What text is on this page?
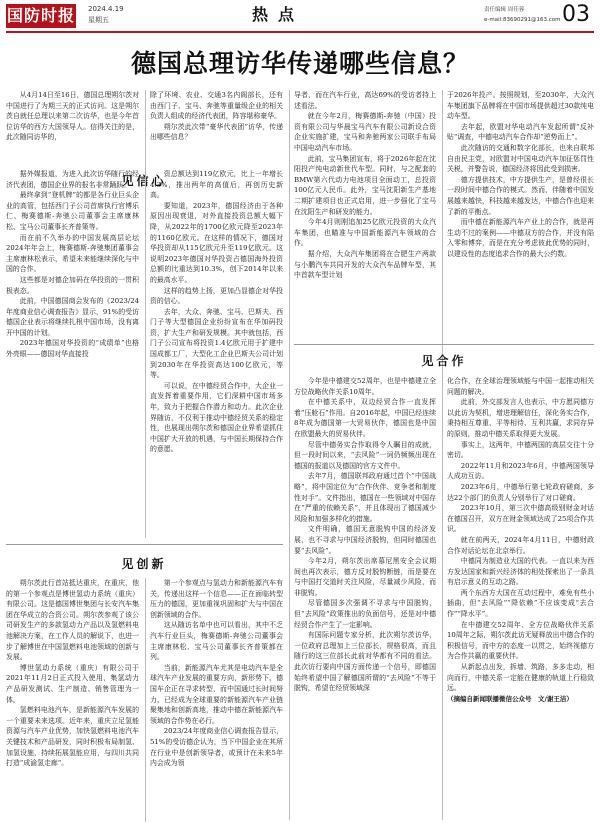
国防时报 2024.4.19
星期五	热点	责任编辑 周佳蓉
e-mail:83690291@163.com 03
德国总理访华传递哪些信息？

从4月14日至16日，德国总理朔尔茨对中国进行了为期三天的正式访问。这是朔尔茨自就任总理以来第二次访华，也是今年首位访华的西方大国领导人。信得关注的是，此次随同访华的，

据外媒报道，为进入此次访华随行的经济代表团，德国企业界的报名非常踊跃。

最终拿到“登机牌”的都是各行业巨头企业的高管，包括西门子公司首席执行官博乐仁、梅赛德斯-奔驰公司董事会主席康林松、宝马公司董事长齐普策等。

而在前不久举办的中国发展高层论坛2024年年会上，梅赛德斯-奔驰集团董事会主席康林松表示，希望未来能继续深化与中国的合作。

这些都是对德企加码在华投资的一贯积极表态。

此前，中国德国商会发布的《2023/24年度商业信心调查报告》显示，91%的受访德国企业表示将继续扎根中国市场，没有离开中国的计划。

2023年德国对华投资的“成绩单”也格外亮眼——德国对华直接投

见信心

除了环境、农业、交通3名内阁部长，还有由西门子、宝马、奔驰等重量级企业的相关负责人组成的经济代表团，阵容堪称豪华。

朔尔茨此次带“豪华代表团”访华，传递出哪些信息？

资总额达到119亿欧元，比上一年增长4.3%，推出两年的高值后，再创历史新高。

要知道，2023年，德国经济由于各种原因出现衰退，对外直接投资总额大幅下降，从2022年的1700亿欧元降至2023年的1160亿欧元。在这样的情况下，德国对华投资却从115亿欧元升至119亿欧元。这说明2023年德国对华投资占德国海外投资总额的比重达到10.3%，创下2014年以来的最高水平。

这样的趋势上扬，更加凸显德企对华投资的信心。

去年，大众、奔驰、宝马、巴斯夫、西门子等大型德国企业纷纷宣布在华加码投资，扩大生产和研发规模。其中就包括，西门子公司宣布将投资1.4亿欧元用于扩建中国成都工厂，大型化工企业巴斯夫公司计划到2030年在华投资高达100亿欧元，等等。

可以说，在中德经贸合作中，大企业一直发挥着重要作用，它们深耕中国市场多年，致力于把握合作潜力和动力。此次企业界随访，不仅利于推动中德经贸关系的稳定性，也展现出朔尔茨和德国企业界希望抓住中国扩大开放的机遇，与中国长期保持合作的意愿。

导者，而在汽车行业，高达69%的受访者持上述看法。

就在今年2月，梅赛德斯-奔驰（中国）投资有限公司与华晨宝马汽车有限公司新设合资企业实施扩建，宝马和奔驰两家公司联手布局中国电动汽车市场。

此前，宝马集团宣布，将于2026年起在沈阳投产纯电动新世代车型。同时，与之配套的BMW第六代动力电池项目全面动工，总投资100亿元人民币。此外，宝马沈阳新生产基地二期扩建项目也正式启用，进一步强化了宝马在沈阳生产和研发的能力。

今年4月则刚追加25亿欧元投资的大众汽车集团，也瞄准与中国新能源汽车领域的合作。

据介绍，大众汽车集团将在合肥生产两款与小鹏汽车共同开发的大众汽车品牌车型，其中首款车型计划

于2026年投产。按照规划，至2030年，大众汽车集团旗下品牌将在中国市场提供超过30款纯电动车型。

去年起，欧盟对华电动汽车发起所谓“反补贴”调查，中德电动汽车合作却“逆势而上”。

此次随访的交通和数字化部长，也来自联邦自由民主党，对欧盟对中国电动汽车加征惩罚性关税，并警告说，德国经济将因此受到损害。

德方提供技术，中方提供生产，是曾经很长一段时间中德合作的模式。然而，伴随着中国发展越来越快，科技越来越发达，中德合作也迎来了新的平衡点。

而中德在新能源汽车产业上的合作，就是再生动不过的案例——中德双方的合作，并没有陷入零和博弈，而是在充分考虑彼此优势的同时，以建设性的态度追求合作的最大公约数。

见创新

朔尔茨此行首站抵达重庆，在重庆，他的第一个参观点是博世氢动力系统（重庆）有限公司。这是德国博世集团与长安汽车集团在华成立的合资公司。朔尔茨参观了该公司研发生产的多款氢动力产品以及氢燃料电池解决方案，在工作人员的解说下，也进一步了解博世在中国氢燃料电池领域的创新与发展。

博世氢动力系统（重庆）有限公司于2021年11月2日正式投入使用，集氢动力产品研发测试、生产制造、销售管理为一体。

氢燃料电池汽车，是新能源汽车发展的一个重要未来选项。近年来，重庆立足氢能资源与汽车产业优势，加快氢燃料电池汽车关键技术和产品研发，同时积极布局制氢、加氢设施，持续拓展氢能应用，与四川共同打造“成渝氢走廊”。

第一个参观点与氢动力和新能源汽车有关，传递出这样一个信息——正在面临转型压力的德国，更加重视巩固和扩大与中国在创新领域的合作。

这从随访名单中也可以看出，其中不乏汽车行业巨头，梅赛德斯-奔驰公司董事会主席康林松、宝马公司董事长齐普策都在列。

当前，新能源汽车尤其是电动汽车是全球汽车产业发展的重要方向，新形势下，德国车企正在寻求转型，而中国通过长时间努力，已经成为全球重要的新能源汽车产业链聚集地和创新高地，推动中德在新能源汽车领域的合作势在必行。

2023/24年度商业信心调查报告显示，51%的受访德企认为，当下中国企业在其所在行业中是创新领导者，或预计在未来5年内会成为领

见合作

今年是中德建交52周年，也是中德建立全方位战略伙伴关系10周年。

在中德关系中，双边经贸合作一直发挥着“压舱石”作用。自2016年起，中国已经连续8年成为德国第一大贸易伙伴，德国也是中国在欧盟最大的贸易伙伴。

尽管中德务实合作取得令人瞩目的成就，但一段时间以来，“去风险”一词仍频频出现在德国的报道以及德国的官方文件中。

去年7月，德国联邦政府通过首个“中国战略”，将中国定位为“合作伙伴、竞争者和制度性对手”。文件指出，德国在一些领域对中国存在“严重的依赖关系”，并且体现出了德国减少风险和加强多样化的措施。

文件明确，德国无意脱钩中国的经济发展，也不寻求与中国经济脱钩，但同时德国也要“去风险”。

今年2月，朔尔茨出席慕尼黑安全会议期间也再次表示，德方反对脱钩断链，而是要在与中国打交道时关注风险，尽量减少风险，而非脱钩。

尽管德国多次强调不寻求与中国脱钩，但“去风险”政策推出的负面信号，还是对中德经贸合作产生了一定影响。

有国际问题专家分析，此次朔尔茨访华，一位政府总理加上三位部长，规格很高，而且随行的这三位部长此前对华都有不同的看法。此次访行要向中国方面传递一个信号，即德国始终希望中国了解德国所谓的“去风险”不等于脱钩，希望在经贸领域深

化合作，在全球治理领域能与中国一起推动相关问题的解决。

此前，外交部发言人也表示，中方愿同德方以此访为契机，增进理解信任，深化务实合作，秉持相互尊重、平等相待、互利共赢，求同存异的原则，推动中德关系取得更大发展。

事实上，这两年，中德两国的高层交往十分密切。

2022年11月和2023年6月，中德两国领导人成功互访。

2023年6月，中德举行第七轮政府磋商，多达22个部门的负责人分别举行了对口磋商。

2023年10月，第三次中德高级别财金对话在德国召开，双方在财金领域达成了25项合作共识。

就在前两天，2024年4月11日，中德财政合作对话论坛在北京举行。

中德同为制造业大国的代表。一直以来为西方发达国家和新兴经济体的相处探索出了一条具有启示意义的互动之路。

两个东西方大国在互动过程中，难免有些小插曲，但“去风险”“降依赖”不应该变成“去合作”“降水平”。

在中德建交52周年、全方位战略伙伴关系10周年之际，朔尔茨此访无疑释放出中德合作的积极信号，而中方的态度一以贯之，始终视德方为合作共赢的重要伙伴。

从新起点出发，拆墙、筑路，多多走动，相向而行，中德关系一定能在健康的轨道上行稳致远。

（摘编自新闻联播微信公众号　文/谢王洁）
